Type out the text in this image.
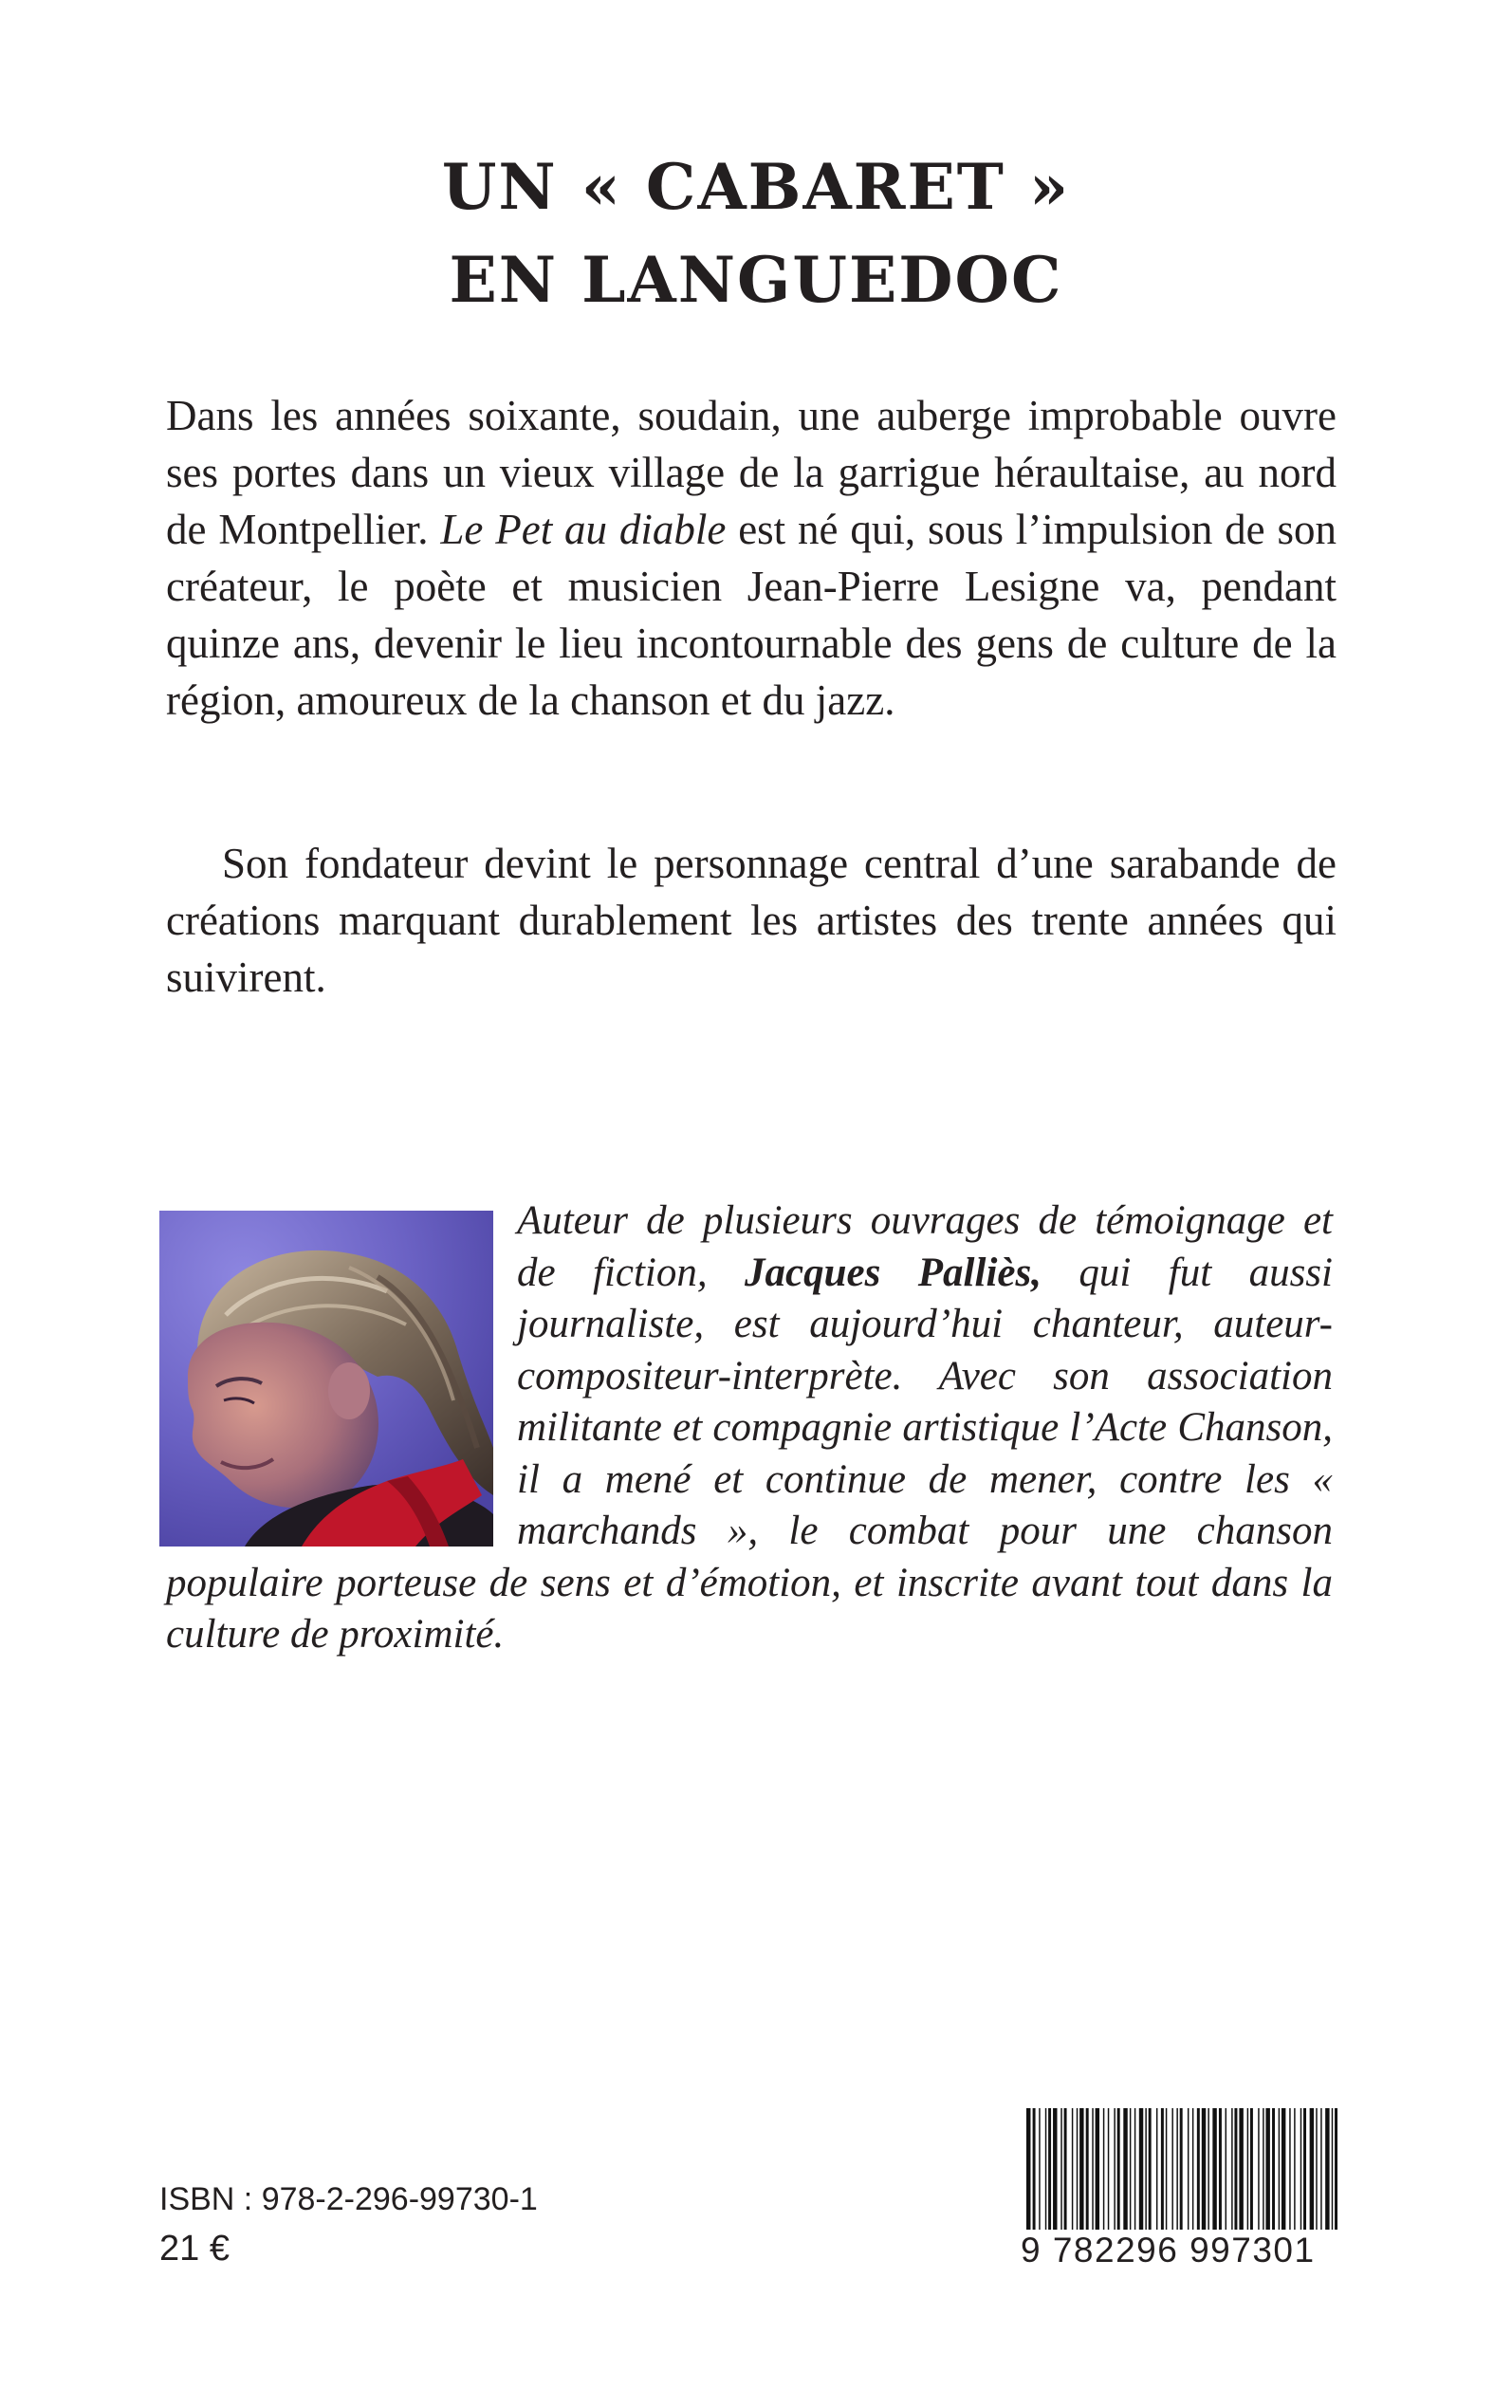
UN « CABARET »
EN LANGUEDOC
Dans les années soixante, soudain, une auberge improbable ouvre ses portes dans un vieux village de la garrigue héraultaise, au nord de Montpellier. Le Pet au diable est né qui, sous l’impulsion de son créateur, le poète et musicien Jean-Pierre Lesigne va, pendant quinze ans, devenir le lieu incontournable des gens de culture de la région, amoureux de la chanson et du jazz.
Son fondateur devint le personnage central d’une sarabande de créations marquant durablement les artistes des trente années qui suivirent.
Auteur de plusieurs ouvrages de témoignage et de fiction, Jacques Palliès, qui fut aussi journaliste, est aujourd’hui chanteur, auteur-compositeur-interprète. Avec son association militante et compagnie artistique l’Acte Chanson, il a mené et continue de mener, contre les « marchands », le combat pour une chanson populaire porteuse de sens et d’émotion, et inscrite avant tout dans la culture de proximité.
ISBN : 978-2-296-99730-1
21 €	9 782296 997301
